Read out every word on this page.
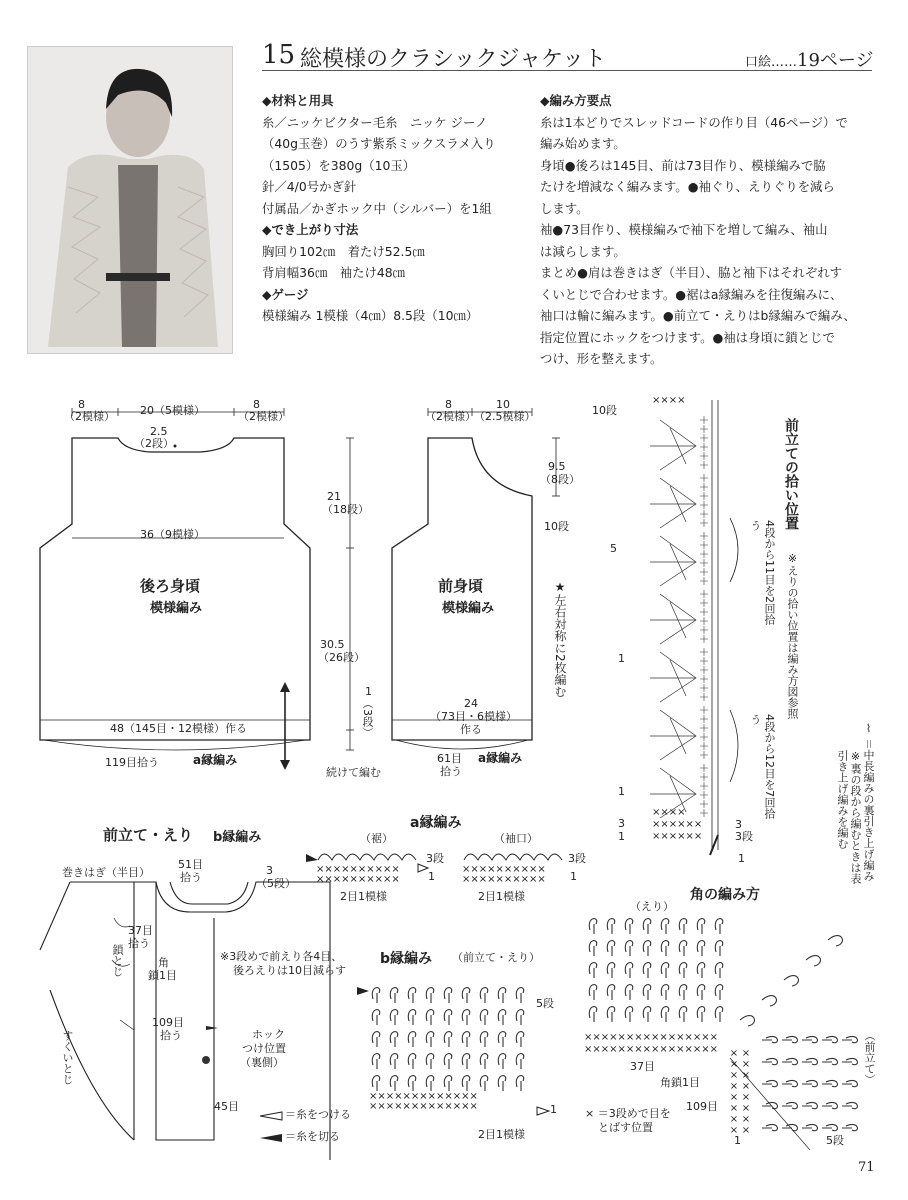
15 総模様のクラシックジャケット	口絵……19ページ
◆材料と用具
糸／ニッケビクター毛糸　ニッケ ジーノ
（40g玉巻）のうす紫系ミックスラメ入り
（1505）を380g（10玉）
針／4/0号かぎ針
付属品／かぎホック中（シルバー）を1組
◆でき上がり寸法
胸回り102㎝　着たけ52.5㎝
背肩幅36㎝　袖たけ48㎝
◆ゲージ
模様編み 1模様（4㎝）8.5段（10㎝）
◆編み方要点
糸は1本どりでスレッドコードの作り目（46ページ）で
編み始めます。
身頃●後ろは145目、前は73目作り、模様編みで脇
たけを増減なく編みます。●袖ぐり、えりぐりを減ら
します。
袖●73目作り、模様編みで袖下を増して編み、袖山
は減らします。
まとめ●肩は巻きはぎ（半目）、脇と袖下はそれぞれす
くいとじで合わせます。●裾はa縁編みを往復編みに、
袖口は輪に編みます。●前立て・えりはb縁編みで編み、
指定位置にホックをつけます。●袖は身頃に鎖とじで
つけ、形を整えます。
8
（2模様） 20（5模様）	8
（2模様）
2.5
（2段）
36（9模様）
21
（18段）
後ろ身頃
模様編み
30.5
（26段）
1
（3段）
48（145目・12模様）作る
119目拾う	a縁編み
続けて編む
8
（2模様）
10
（2.5模様）
9.5
（8段）
10段
前身頃
模様編み	★左右対称に2枚編む
24
（73目・6模様）
作る
61目
拾う
a縁編み
××××
××××
××××××
××××××
10段
5
1
1
3
1
4段から11目を2回拾う
4段から12目を7回拾う
3
3段
1
前立ての拾い位置
※えりの拾い位置は編み方図参照
⌇ ＝中長編みの裏引き上げ編み
※裏の段から編むときは表引き上げ編みを編む
前立て・えり b縁編み
巻きはぎ（半目）
51目
拾う
3
（5段）
37目
拾う
角
鎖1目
鎖とじ
すくいとじ
109目
拾う
※3段めで前えり各4目、
後ろえりは10目減らす
ホック
つけ位置
（裏側）
45目
＝糸をつける
＝糸を切る
a縁編み
（裾）	（袖口）
××××××××××
××××××××××
××××××××××
××××××××××
3段
1
3段
1
2目1模様	2目1模様
b縁編み （前立て・えり）
×××××××××××××
×××××××××××××
5段
1
2目1模様
角の編み方
（えり）
××××××××××××××××
×××××××××××××××× ×××××××× ××××××××	（前立て）
37目
角鎖1目
109目
× ＝3段めで目を
とばす位置
1	5段
71
